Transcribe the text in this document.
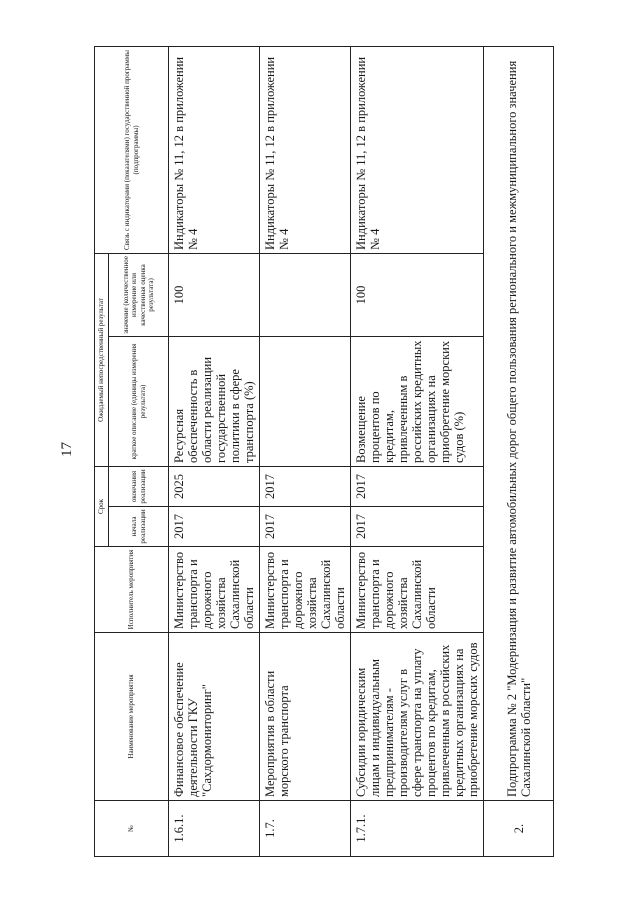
17
№	Наименование мероприятия	Исполнитель мероприятия	Срок		Ожидаемый непосредственный результат		Связь с индикаторами (показателями) государственной программы (подпрограммы)
			начала реализации	окончания реализации	краткое описание (единицы измерения результата)	значение (количественное измерение или качественная оценка результата)	
1.6.1.	Финансовое обеспечение деятельности ГКУ "Сахдормониторинг"	Министерство транспорта и дорожного хозяйства Сахалинской области	2017	2025	Ресурсная обеспеченность в области реализации государственной политики в сфере транспорта (%)	100	Индикаторы № 11, 12 в приложении № 4
1.7.	Мероприятия в области морского транспорта	Министерство транспорта и дорожного хозяйства Сахалинской области	2017	2017			Индикаторы № 11, 12 в приложении № 4
1.7.1.	Субсидии юридическим лицам и индивидуальным предпринимателям - производителям услуг в сфере транспорта на уплату процентов по кредитам, привлеченным в российских кредитных организациях на приобретение морских судов	Министерство транспорта и дорожного хозяйства Сахалинской области	2017	2017	Возмещение процентов по кредитам, привлеченным в российских кредитных организациях на приобретение морских судов (%)	100	Индикаторы № 11, 12 в приложении № 4
2.	Подпрограмма № 2 "Модернизация и развитие автомобильных дорог общего пользования регионального и межмуниципального значения Сахалинской области"						
